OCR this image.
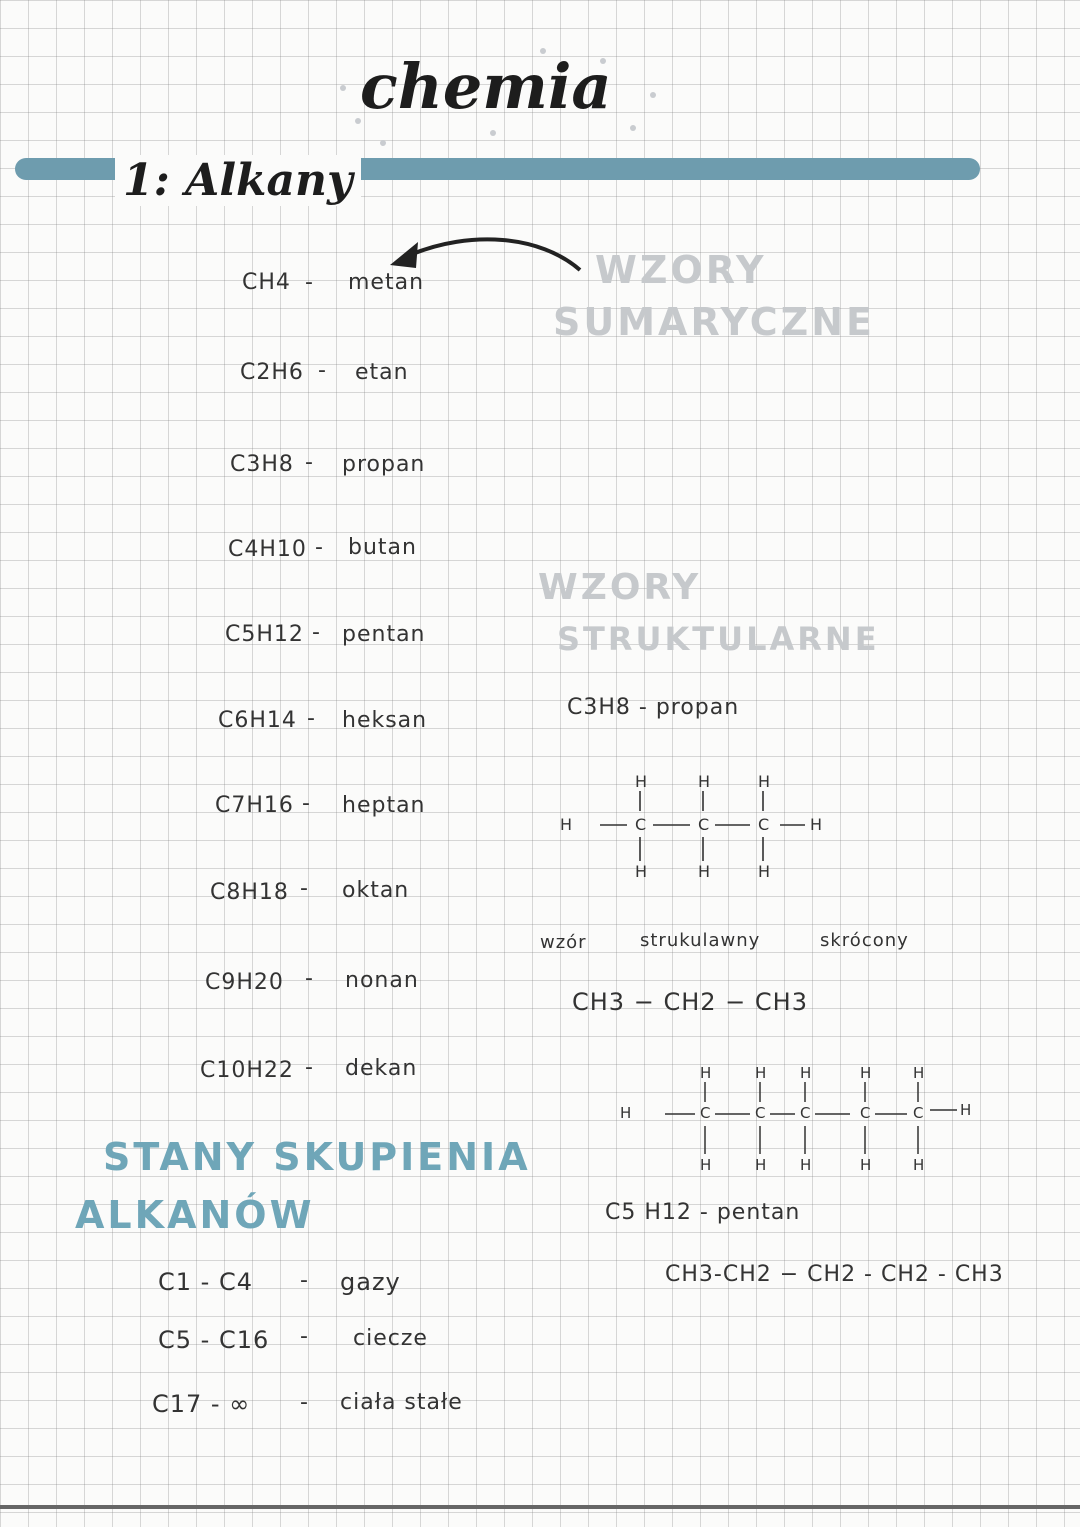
chemia
1: Alkany
CH4 - metan
C2H6 - etan
C3H8 - propan
C4H10 - butan
C5H12 - pentan
C6H14 - heksan
C7H16 - heptan
C8H18 - oktan
C9H20 - nonan
C10H22 - dekan
WZORY
SUMARYCZNE
WZORY
STRUKTULARNE
C3H8 - propan
H	H	H
H	C	C	C	H
H	H	H
wzór	strukulawny	skrócony
CH3 − CH2 − CH3
H	H H	H	H
H	C	C C	C	C H
H	H H	H	H
C5 H12 - pentan
CH3-CH2 − CH2 - CH2 - CH3
STANY SKUPIENIA
ALKANÓW
C1 - C4 - gazy
C5 - C16 - ciecze
C17 - ∞ - ciała stałe
